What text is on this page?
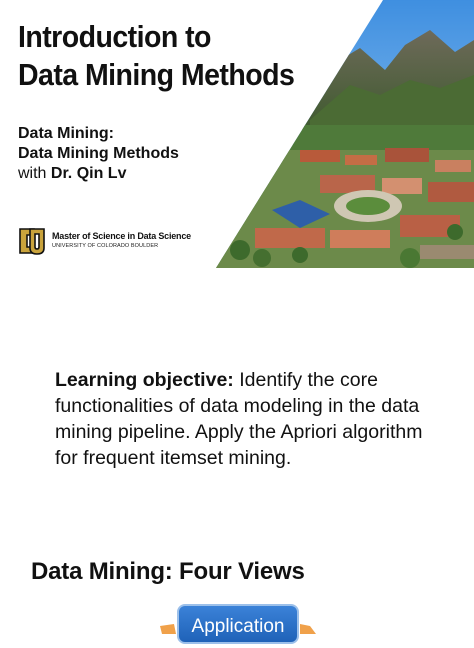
Introduction to
Data Mining Methods
Data Mining:
Data Mining Methods
with Dr. Qin Lv
Master of Science in Data Science
UNIVERSITY OF COLORADO BOULDER

Learning objective: Identify the core functionalities of data modeling in the data mining pipeline. Apply the Apriori algorithm for frequent itemset mining.

Data Mining: Four Views
Application
